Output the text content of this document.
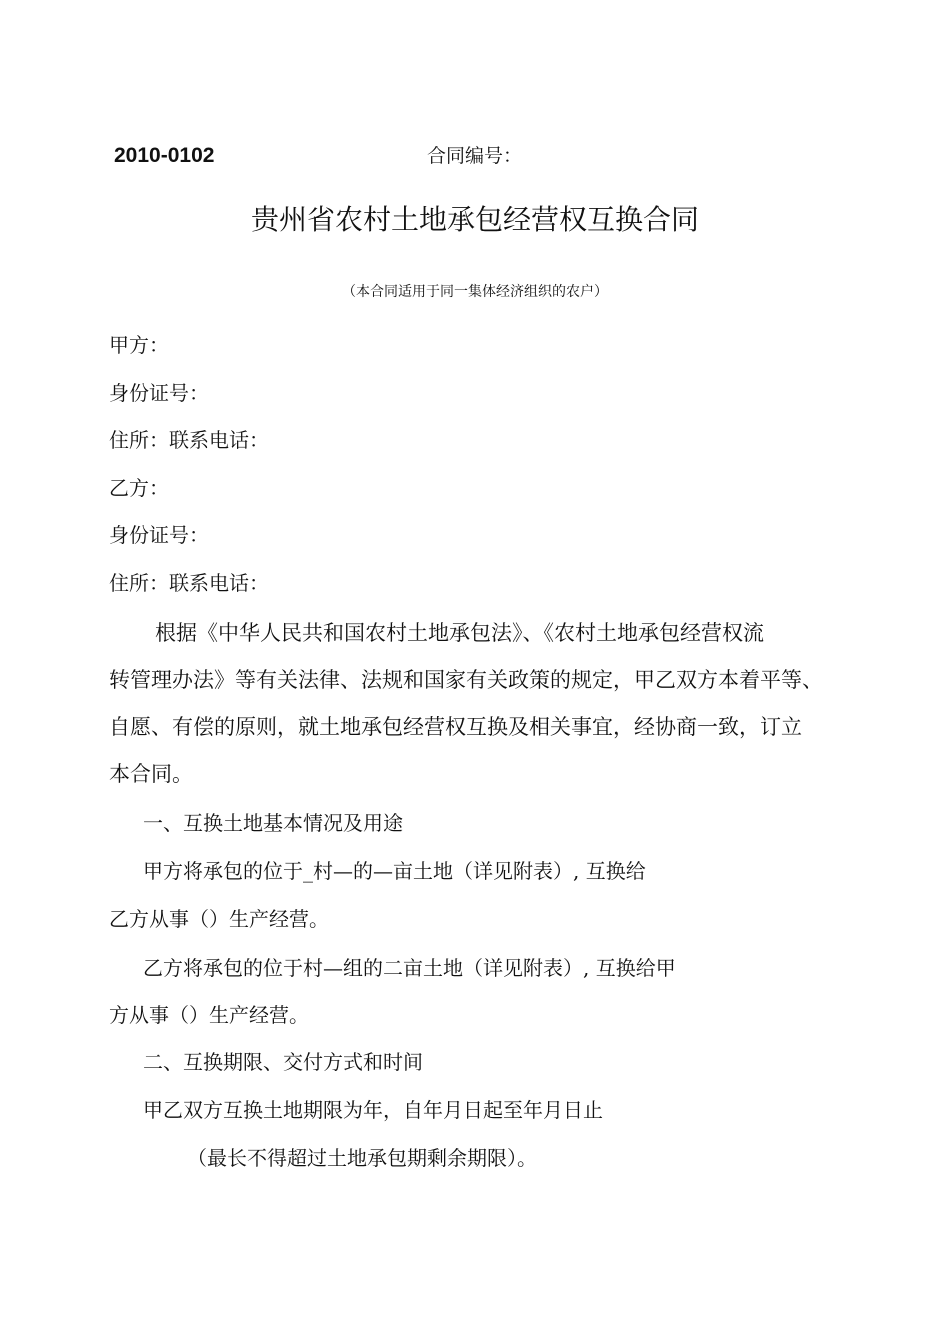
2010-0102	合同编号：
贵州省农村土地承包经营权互换合同
（本合同适用于同一集体经济组织的农户）
甲方：
身份证号：
住所：联系电话：
乙方：
身份证号：
住所：联系电话：
根据《中华人民共和国农村土地承包法》、《农村土地承包经营权流
转管理办法》等有关法律、法规和国家有关政策的规定，甲乙双方本着平等、
自愿、有偿的原则，就土地承包经营权互换及相关事宜，经协商一致，订立
本合同。
一、互换土地基本情况及用途
甲方将承包的位于_村—的—亩土地（详见附表）, 互换给
乙方从事（）生产经营。
乙方将承包的位于村—组的二亩土地（详见附表）, 互换给甲
方从事（）生产经营。
二、互换期限、交付方式和时间
甲乙双方互换土地期限为年，自年月日起至年月日止
（最长不得超过土地承包期剩余期限）。
